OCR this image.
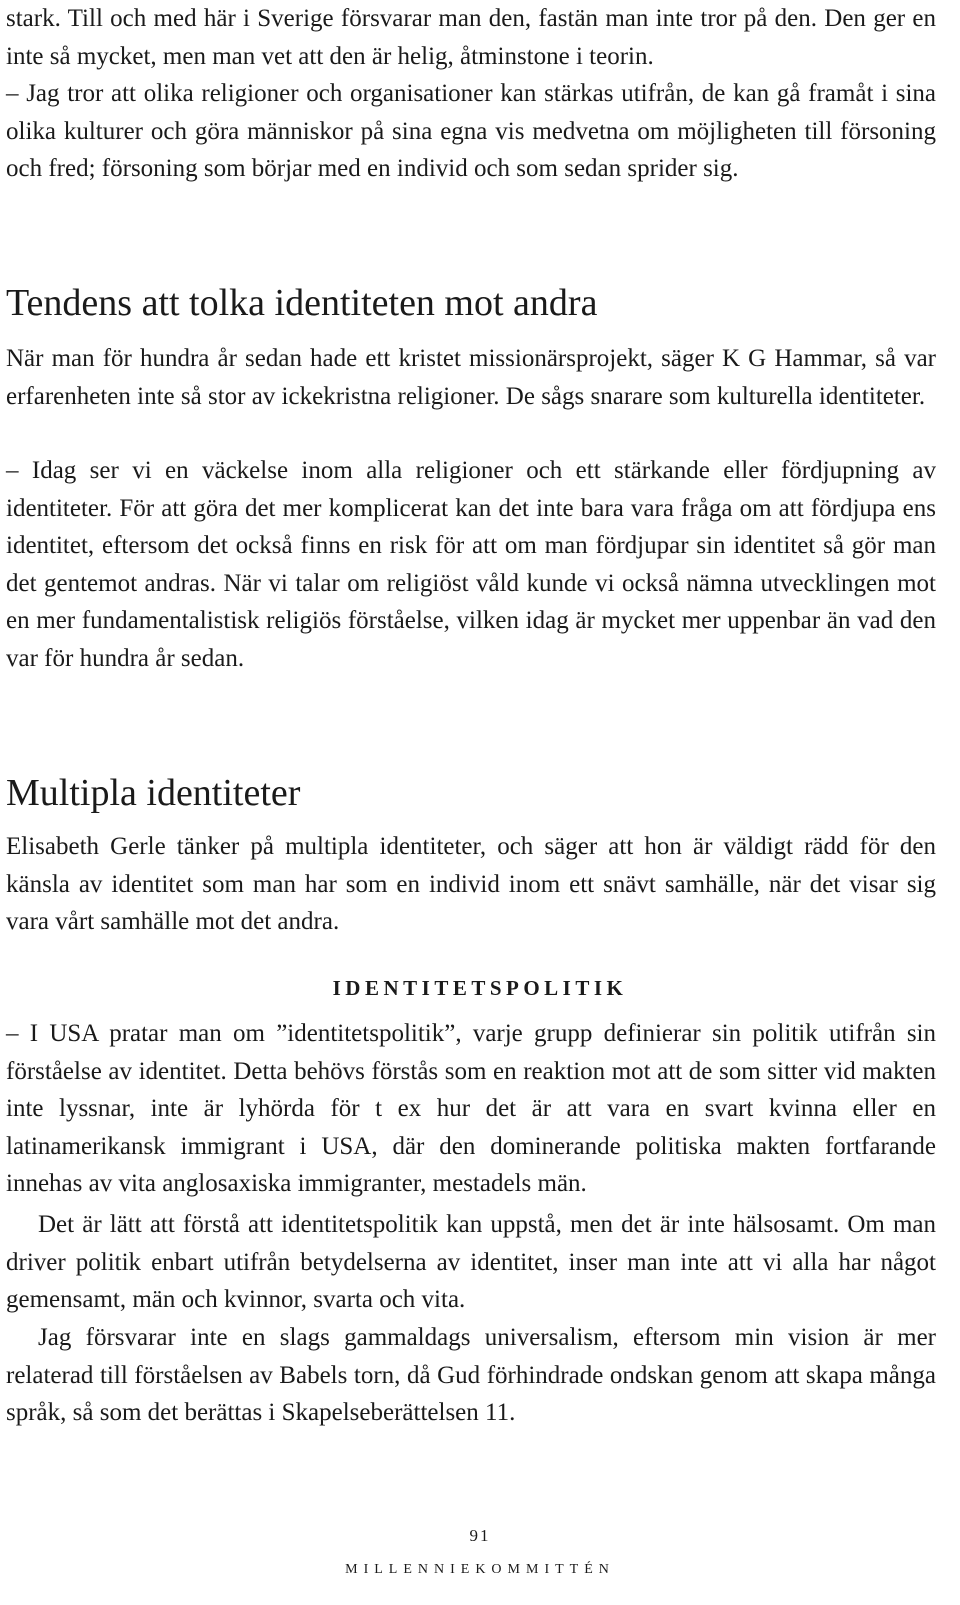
stark. Till och med här i Sverige försvarar man den, fastän man inte tror på den. Den ger en inte så mycket, men man vet att den är helig, åtminstone i teorin.

– Jag tror att olika religioner och organisationer kan stärkas utifrån, de kan gå framåt i sina olika kulturer och göra människor på sina egna vis medvetna om möjligheten till försoning och fred; försoning som börjar med en individ och som sedan sprider sig.

Tendens att tolka identiteten mot andra

När man för hundra år sedan hade ett kristet missionärsprojekt, säger K G Hammar, så var erfarenheten inte så stor av ickekristna religioner. De sågs snarare som kulturella identiteter.

– Idag ser vi en väckelse inom alla religioner och ett stärkande eller fördjupning av identiteter. För att göra det mer komplicerat kan det inte bara vara fråga om att fördjupa ens identitet, eftersom det också finns en risk för att om man fördjupar sin identitet så gör man det gentemot andras. När vi talar om religiöst våld kunde vi också nämna utvecklingen mot en mer fundamentalistisk religiös förståelse, vilken idag är mycket mer uppenbar än vad den var för hundra år sedan.

Multipla identiteter

Elisabeth Gerle tänker på multipla identiteter, och säger att hon är väldigt rädd för den känsla av identitet som man har som en individ inom ett snävt samhälle, när det visar sig vara vårt samhälle mot det andra.

IDENTITETSPOLITIK

– I USA pratar man om ”identitetspolitik”, varje grupp definierar sin politik utifrån sin förståelse av identitet. Detta behövs förstås som en reaktion mot att de som sitter vid makten inte lyssnar, inte är lyhörda för t ex hur det är att vara en svart kvinna eller en latinamerikansk immigrant i USA, där den dominerande politiska makten fortfarande innehas av vita anglosaxiska immigranter, mestadels män.

Det är lätt att förstå att identitetspolitik kan uppstå, men det är inte hälsosamt. Om man driver politik enbart utifrån betydelserna av identitet, inser man inte att vi alla har något gemensamt, män och kvinnor, svarta och vita.

Jag försvarar inte en slags gammaldags universalism, eftersom min vision är mer relaterad till förståelsen av Babels torn, då Gud förhindrade ondskan genom att skapa många språk, så som det berättas i Skapelseberättelsen 11.

91
MILLENNIEKOMMITTÉN
